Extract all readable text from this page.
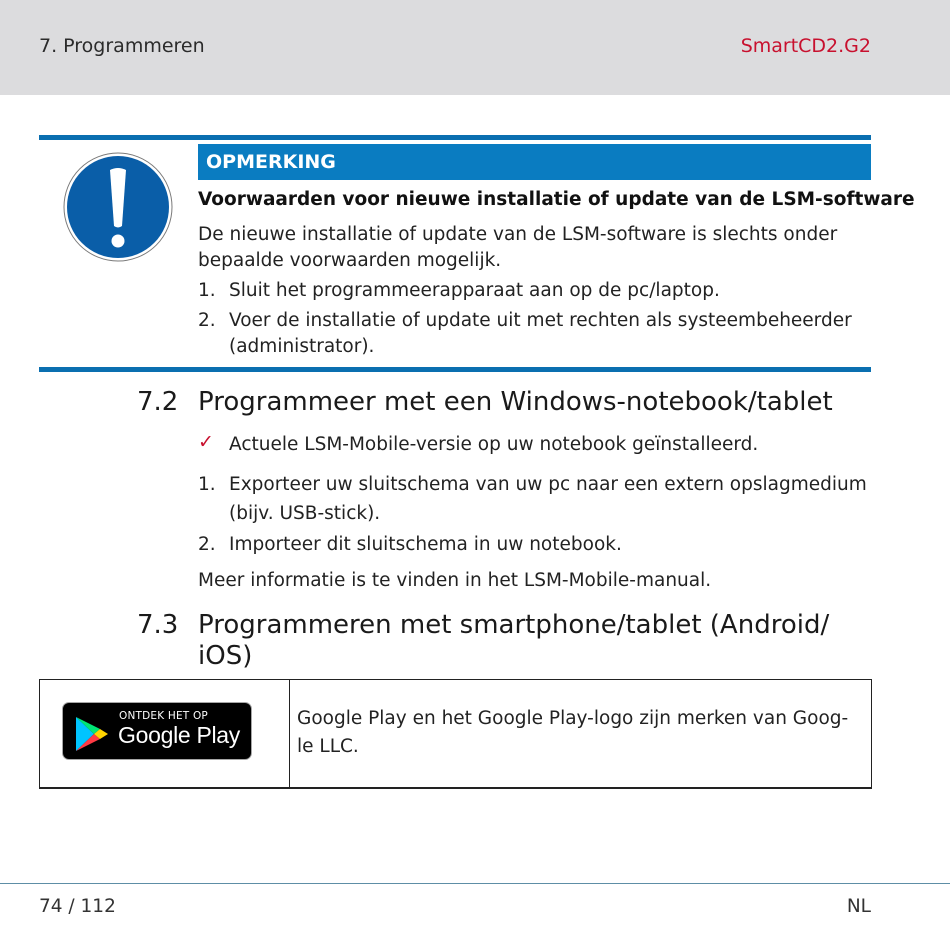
7. Programmeren	SmartCD2.G2
OPMERKING
Voorwaarden voor nieuwe installatie of update van de LSM-software
De nieuwe installatie of update van de LSM-software is slechts onder
bepaalde voorwaarden mogelijk.
1. Sluit het programmeerapparaat aan op de pc/laptop.
2. Voer de installatie of update uit met rechten als systeembeheerder
(administrator).
7.2 Programmeer met een Windows-notebook/tablet
✓ Actuele LSM-Mobile-versie op uw notebook geïnstalleerd.
1. Exporteer uw sluitschema van uw pc naar een extern opslagmedium
(bijv. USB-stick).
2. Importeer dit sluitschema in uw notebook.
Meer informatie is te vinden in het LSM-Mobile-manual.
7.3 Programmeren met smartphone/tablet (Android/
iOS)
ONTDEK HET OP
Google Play
Google Play en het Google Play-logo zijn merken van Goog-
le LLC.
74 / 112	NL
